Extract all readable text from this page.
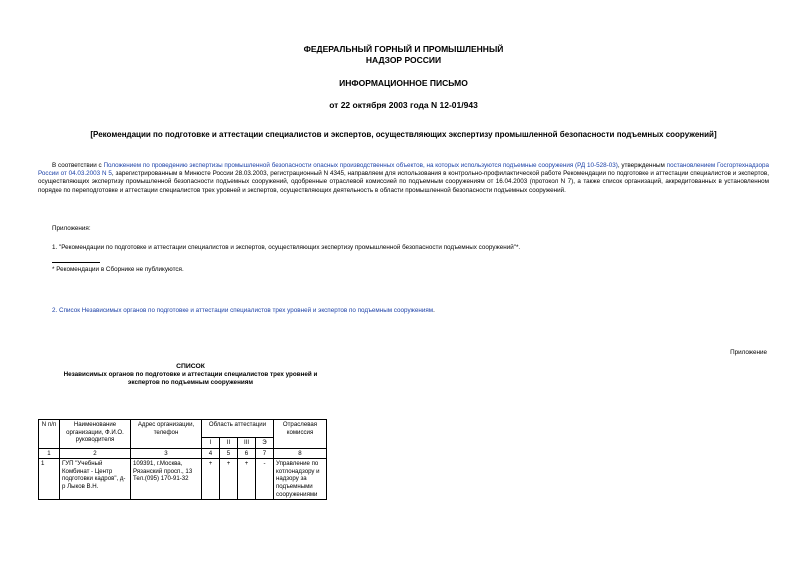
ФЕДЕРАЛЬНЫЙ ГОРНЫЙ И ПРОМЫШЛЕННЫЙ
НАДЗОР РОССИИ
ИНФОРМАЦИОННОЕ ПИСЬМО
от 22 октября 2003 года N 12-01/943
[Рекомендации по подготовке и аттестации специалистов и экспертов, осуществляющих экспертизу промышленной безопасности подъемных сооружений]
В соответствии с Положением по проведению экспертизы промышленной безопасности опасных производственных объектов, на которых используются подъемные сооружения (РД 10-528-03), утвержденным постановлением Госгортехнадзора России от 04.03.2003 N 5, зарегистрированным в Минюсте России 28.03.2003, регистрационный N 4345, направляем для использования в контрольно-профилактической работе Рекомендации по подготовке и аттестации специалистов и экспертов, осуществляющих экспертизу промышленной безопасности подъемных сооружений, одобренные отраслевой комиссией по подъемным сооружениям от 16.04.2003 (протокол N 7), а также список организаций, аккредитованных в установленном порядке по переподготовке и аттестации специалистов трех уровней и экспертов, осуществляющих деятельность в области промышленной безопасности подъемных сооружений.
Приложения:
1. "Рекомендации по подготовке и аттестации специалистов и экспертов, осуществляющих экспертизу промышленной безопасности подъемных сооружений"*.
* Рекомендации в Сборнике не публикуются.
2. Список Независимых органов по подготовке и аттестации специалистов трех уровней и экспертов по подъемным сооружениям.
Приложение
СПИСОК
Независимых органов по подготовке и аттестации специалистов трех уровней и
экспертов по подъемным сооружениям
N п/п	Наименование организации, Ф.И.О. руководителя	Адрес организации, телефон	Область аттестации				Отраслевая комиссия
			I	II	III	Э	
1	2	3	4	5	6	7	8
1	ГУП "Учебный Комбинат - Центр подготовки кадров", д-р Лыков В.Н.	109391, г.Москва, Рязанский просп., 13 Тел.(095) 170-91-32	+	+	+	-	Управление по котлонадзору и надзору за подъемными сооружениями
